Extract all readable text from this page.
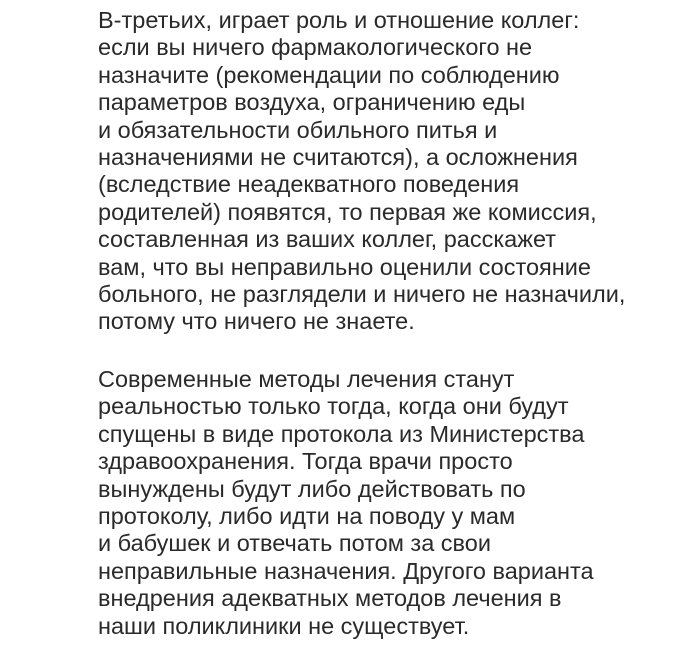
В-третьих, играет роль и отношение коллег:
если вы ничего фармакологического не
назначите (рекомендации по соблюдению
параметров воздуха, ограничению еды
и обязательности обильного питья и
назначениями не считаются), а осложнения
(вследствие неадекватного поведения
родителей) появятся, то первая же комиссия,
составленная из ваших коллег, расскажет
вам, что вы неправильно оценили состояние
больного, не разглядели и ничего не назначили,
потому что ничего не знаете.
Современные методы лечения станут
реальностью только тогда, когда они будут
спущены в виде протокола из Министерства
здравоохранения. Тогда врачи просто
вынуждены будут либо действовать по
протоколу, либо идти на поводу у мам
и бабушек и отвечать потом за свои
неправильные назначения. Другого варианта
внедрения адекватных методов лечения в
наши поликлиники не существует.
